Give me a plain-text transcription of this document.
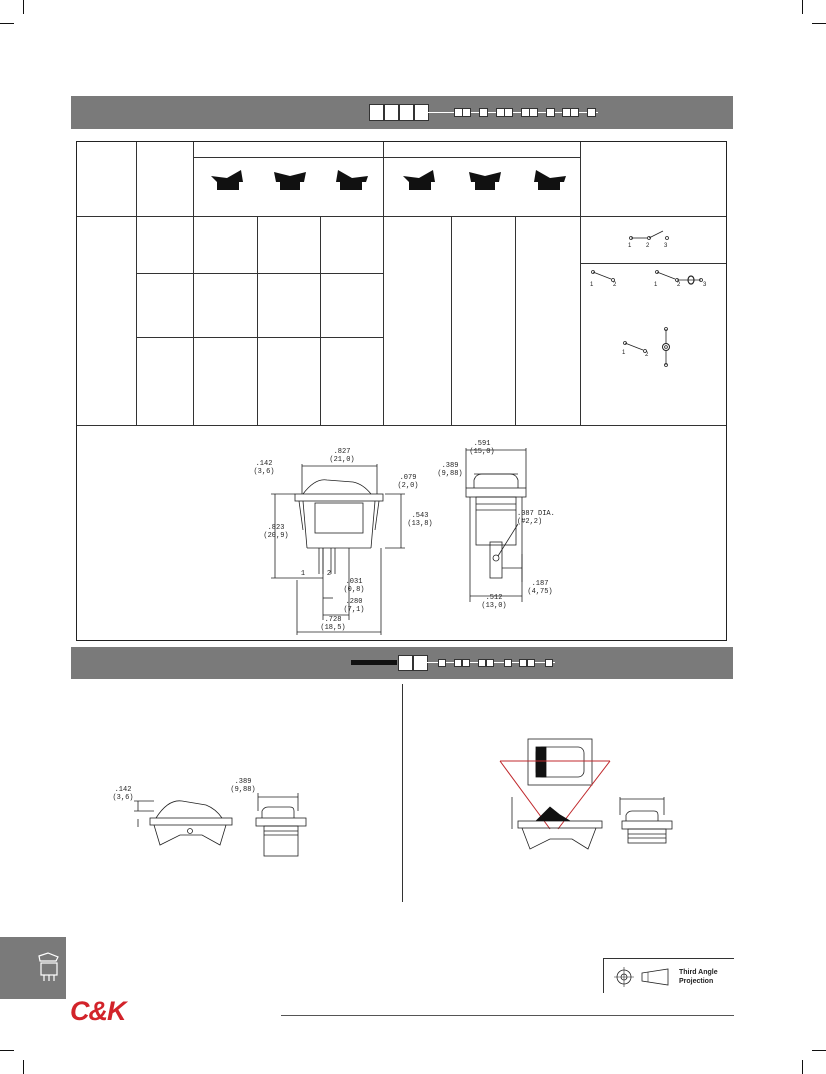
1 2 3
1	2	1	2	3
1	2
.827
(21,0)
.142
(3,6)
.079
(2,0)
.543
(13,8)
.823
(20,9)
.031
(0,8)
.280
(7,1)
.728
(18,5)
1	2
.591
(15,0)
.389
(9,88)
.087 DIA.
(#2,2)
.187
(4,75)
.512
(13,0)
.142
(3,6)
.389
(9,88)
C&K
Third Angle
Projection
